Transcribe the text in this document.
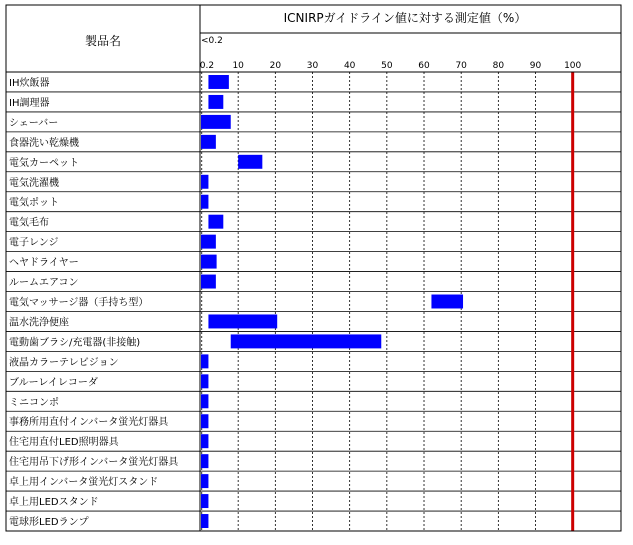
ICNIRPガイドライン値に対する測定値（%）
製品名	<0.2
0.2 10	20	30	40	50	60	70	80	90	100
IH炊飯器
IH調理器
シェーバー
食器洗い乾燥機
電気カーペット
電気洗濯機
電気ポット
電気毛布
電子レンジ
ヘヤドライヤー
ルームエアコン
電気マッサージ器（手持ち型）
温水洗浄便座
電動歯ブラシ/充電器(非接触)
液晶カラーテレビジョン
ブルーレイレコーダ
ミニコンポ
事務所用直付インバータ蛍光灯器具
住宅用直付LED照明器具
住宅用吊下げ形インバータ蛍光灯器具
卓上用インバータ蛍光灯スタンド
卓上用LEDスタンド
電球形LEDランプ
